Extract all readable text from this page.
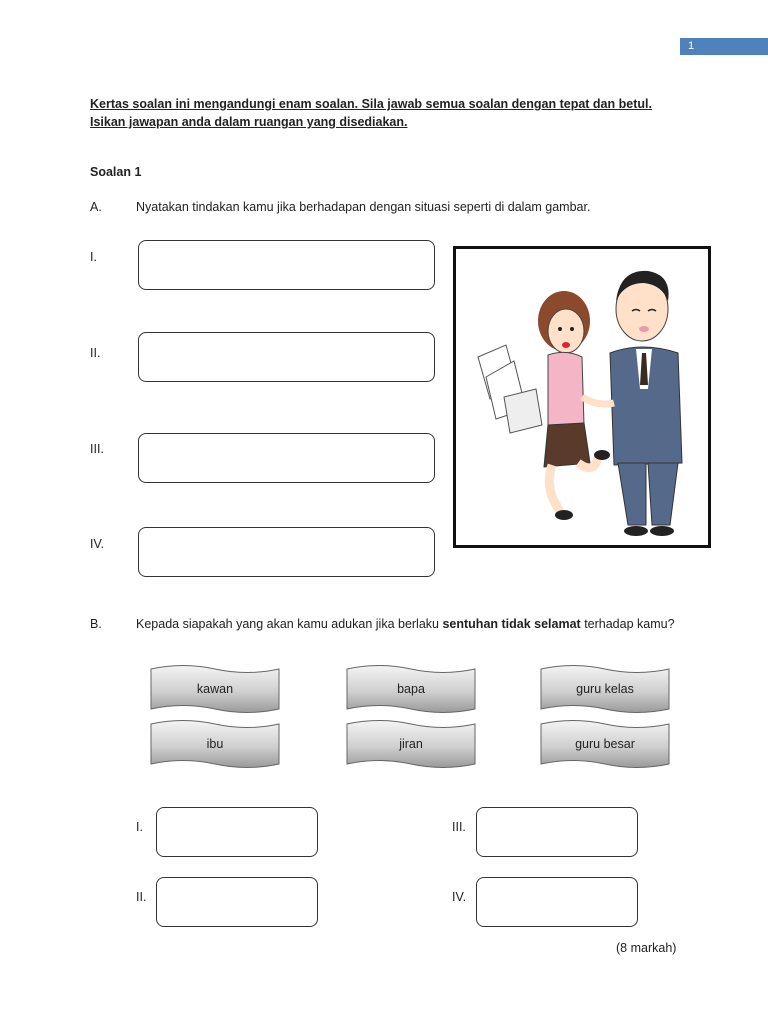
1
Kertas soalan ini mengandungi enam soalan. Sila jawab semua soalan dengan tepat dan betul. Isikan jawapan anda dalam ruangan yang disediakan.
Soalan 1
A.	Nyatakan tindakan kamu jika berhadapan dengan situasi seperti di dalam gambar.
I.
II.
III.
IV.
B.	Kepada siapakah yang akan kamu adukan jika berlaku sentuhan tidak selamat terhadap kamu?
kawan	bapa	guru kelas
ibu	jiran	guru besar
I.	III.
II.	IV.
(8 markah)
